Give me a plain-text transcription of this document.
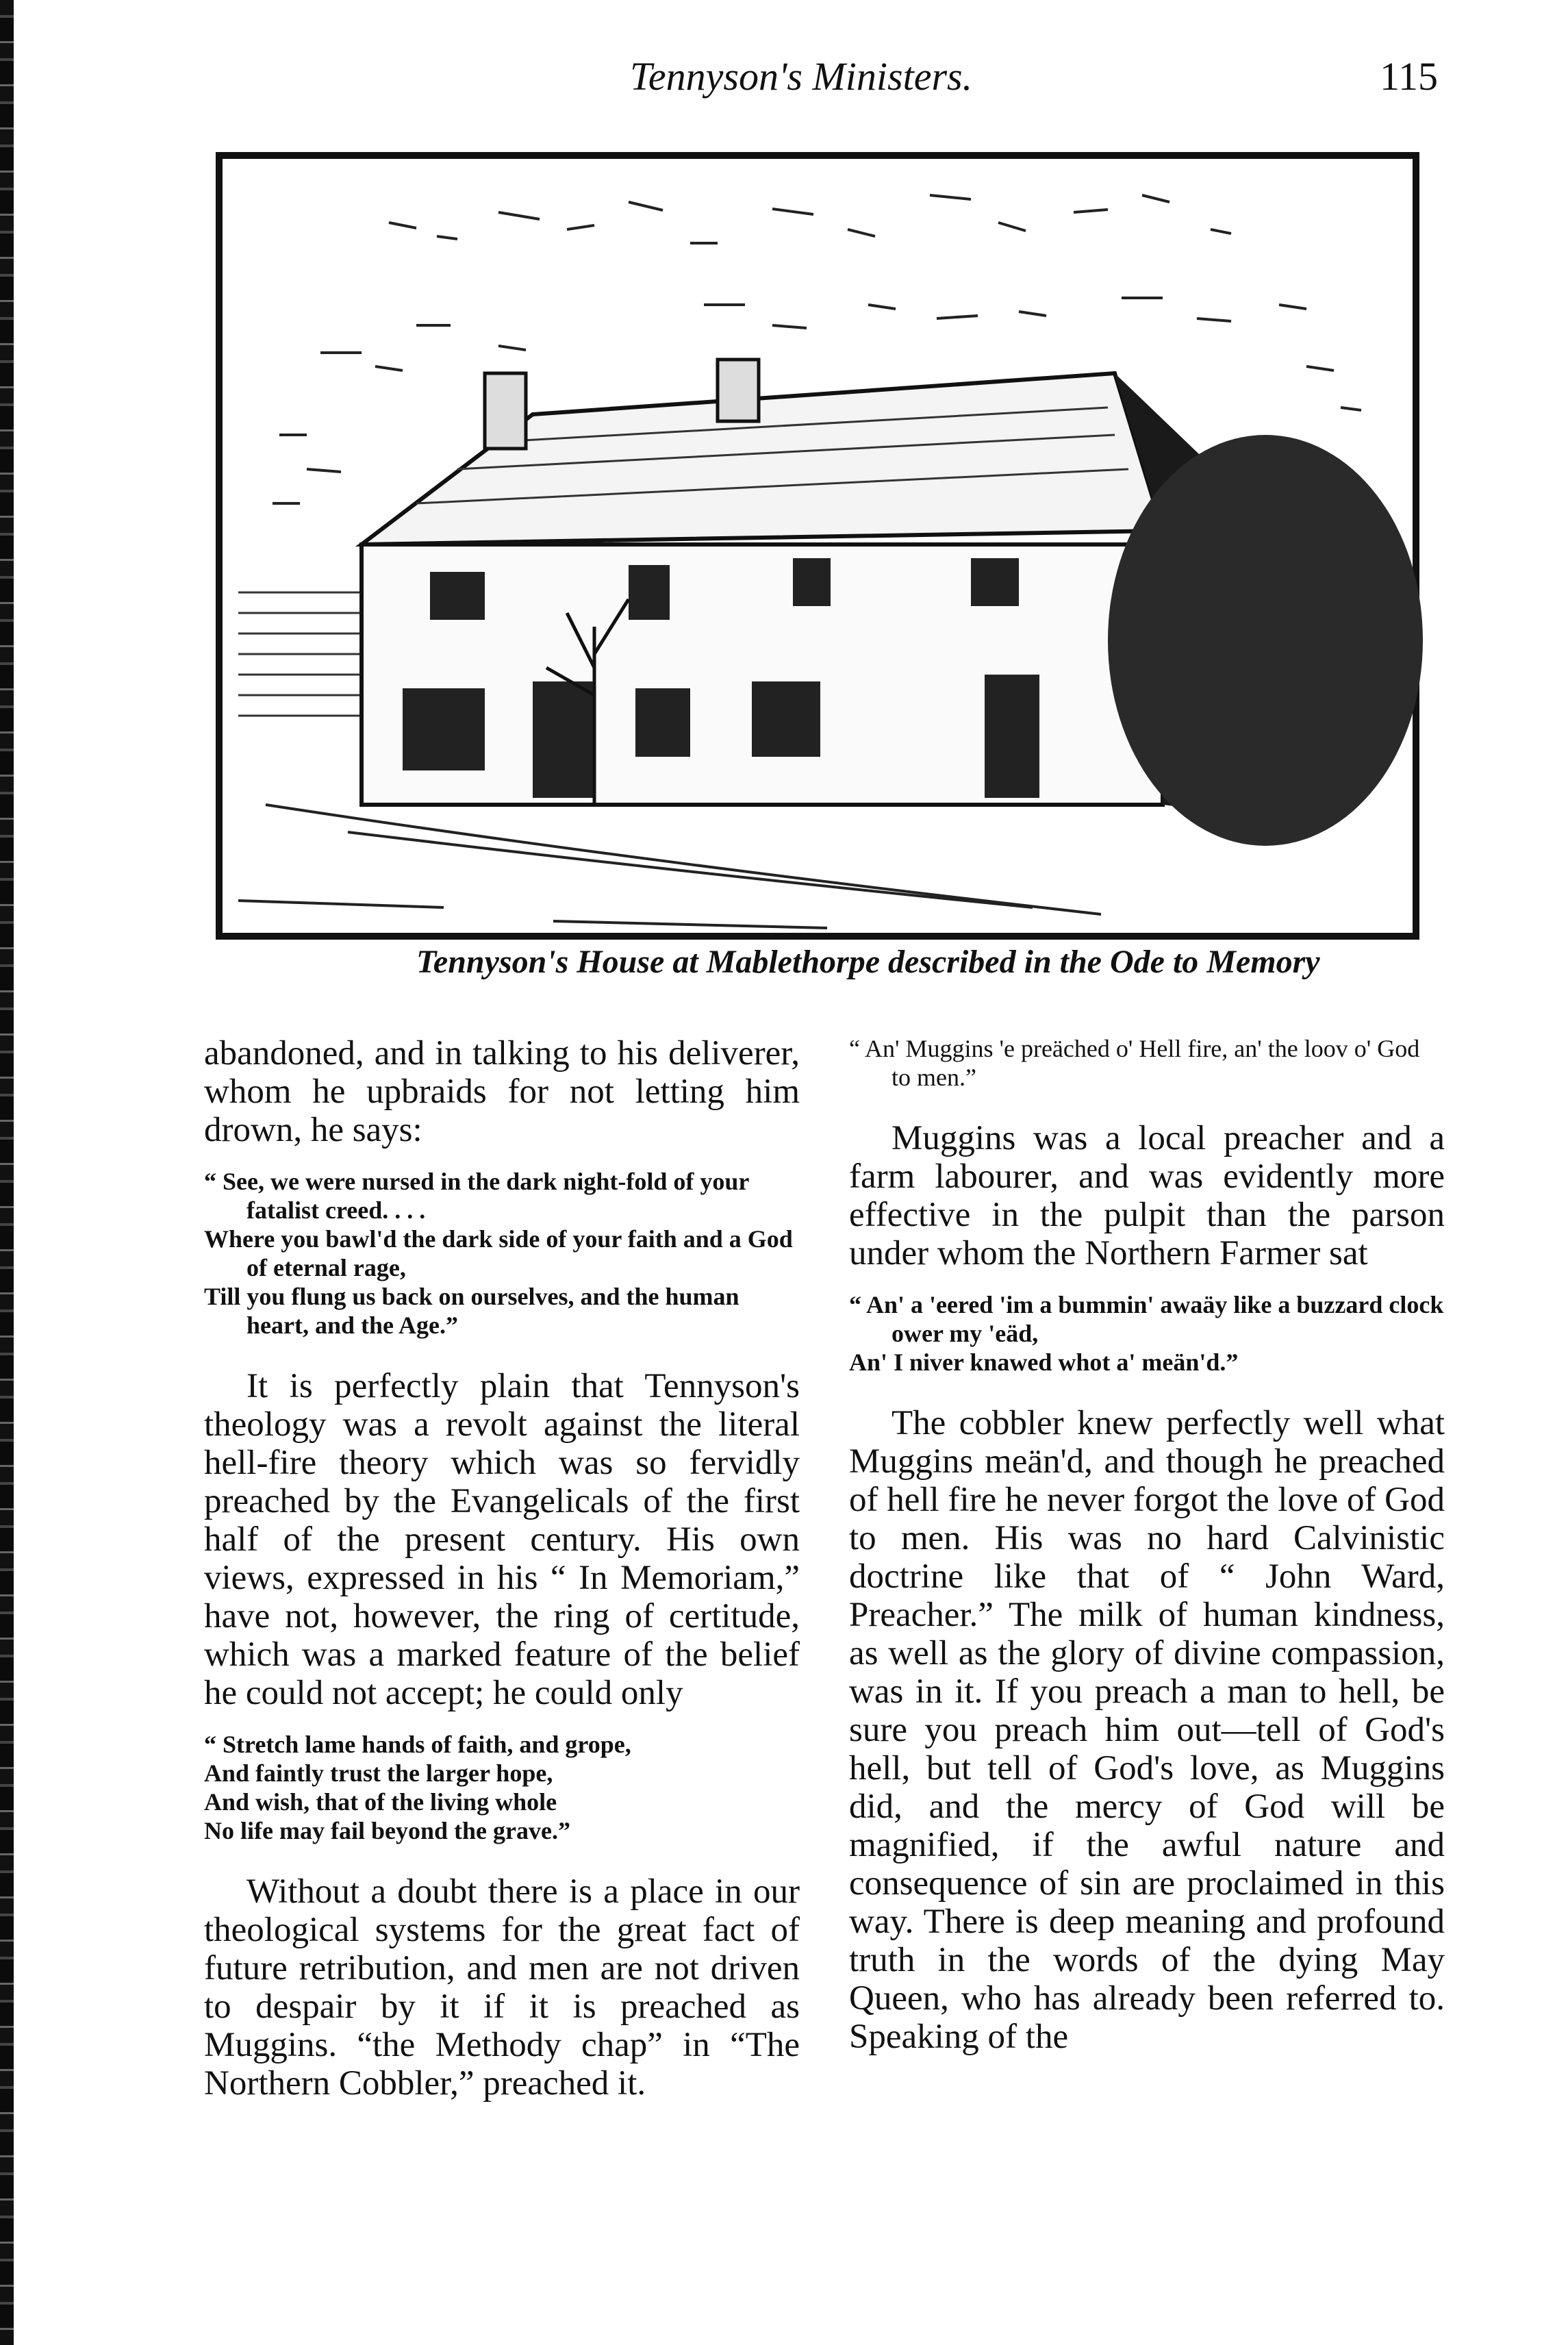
Tennyson's Ministers.	115
Tennyson's House at Mablethorpe described in the Ode to Memory

abandoned, and in talking to his deliverer, whom he upbraids for not letting him drown, he says:

“ See, we were nursed in the dark night-fold of your fatalist creed. . . .
Where you bawl'd the dark side of your faith and a God of eternal rage,
Till you flung us back on ourselves, and the human heart, and the Age.”

It is perfectly plain that Tennyson's theology was a revolt against the literal hell-fire theory which was so fervidly preached by the Evangelicals of the first half of the present century. His own views, expressed in his “ In Memoriam,” have not, however, the ring of certitude, which was a marked feature of the belief he could not accept; he could only

“ Stretch lame hands of faith, and grope,
And faintly trust the larger hope,
And wish, that of the living whole
No life may fail beyond the grave.”

Without a doubt there is a place in our theological systems for the great fact of future retribution, and men are not driven to despair by it if it is preached as Muggins. “the Methody chap” in “The Northern Cobbler,” preached it.

“ An' Muggins 'e preäched o' Hell fire, an' the loov o' God to men.”

Muggins was a local preacher and a farm labourer, and was evidently more effective in the pulpit than the parson under whom the Northern Farmer sat

“ An' a 'eered 'im a bummin' awaäy like a buzzard clock ower my 'eäd,
An' I niver knawed whot a' meän'd.”

The cobbler knew perfectly well what Muggins meän'd, and though he preached of hell fire he never forgot the love of God to men. His was no hard Calvinistic doctrine like that of “ John Ward, Preacher.” The milk of human kindness, as well as the glory of divine compassion, was in it. If you preach a man to hell, be sure you preach him out—tell of God's hell, but tell of God's love, as Muggins did, and the mercy of God will be magnified, if the awful nature and consequence of sin are proclaimed in this way. There is deep meaning and profound truth in the words of the dying May Queen, who has already been referred to. Speaking of the
